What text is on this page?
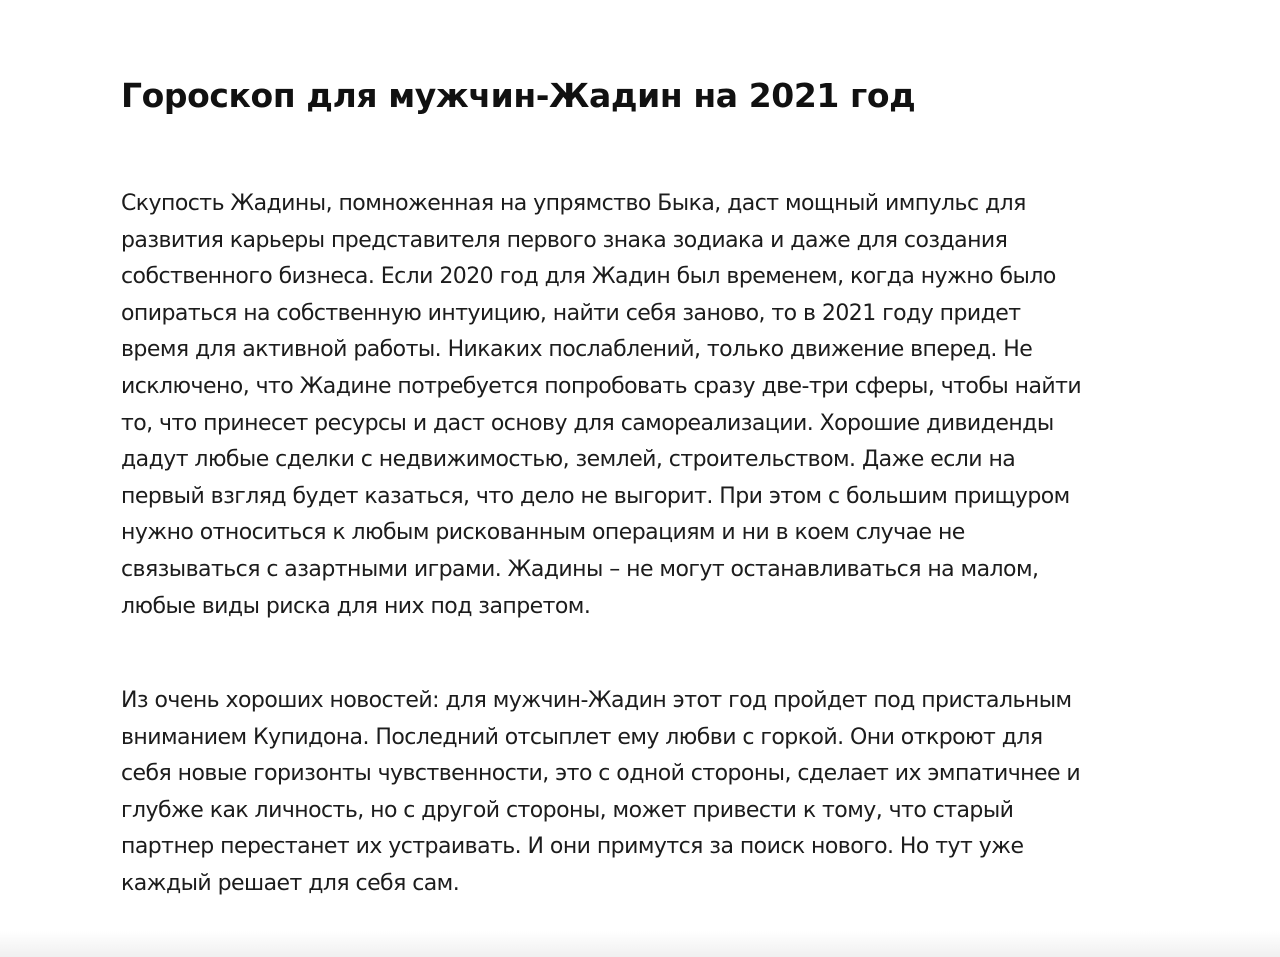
Гороскоп для мужчин-Жадин на 2021 год

Скупость Жадины, помноженная на упрямство Быка, даст мощный импульс для
развития карьеры представителя первого знака зодиака и даже для создания
собственного бизнеса. Если 2020 год для Жадин был временем, когда нужно было
опираться на собственную интуицию, найти себя заново, то в 2021 году придет
время для активной работы. Никаких послаблений, только движение вперед. Не
исключено, что Жадине потребуется попробовать сразу две-три сферы, чтобы найти
то, что принесет ресурсы и даст основу для самореализации. Хорошие дивиденды
дадут любые сделки с недвижимостью, землей, строительством. Даже если на
первый взгляд будет казаться, что дело не выгорит. При этом с большим прищуром
нужно относиться к любым рискованным операциям и ни в коем случае не
связываться с азартными играми. Жадины – не могут останавливаться на малом,
любые виды риска для них под запретом.

Из очень хороших новостей: для мужчин-Жадин этот год пройдет под пристальным
вниманием Купидона. Последний отсыплет ему любви с горкой. Они откроют для
себя новые горизонты чувственности, это с одной стороны, сделает их эмпатичнее и
глубже как личность, но с другой стороны, может привести к тому, что старый
партнер перестанет их устраивать. И они примутся за поиск нового. Но тут уже
каждый решает для себя сам.
